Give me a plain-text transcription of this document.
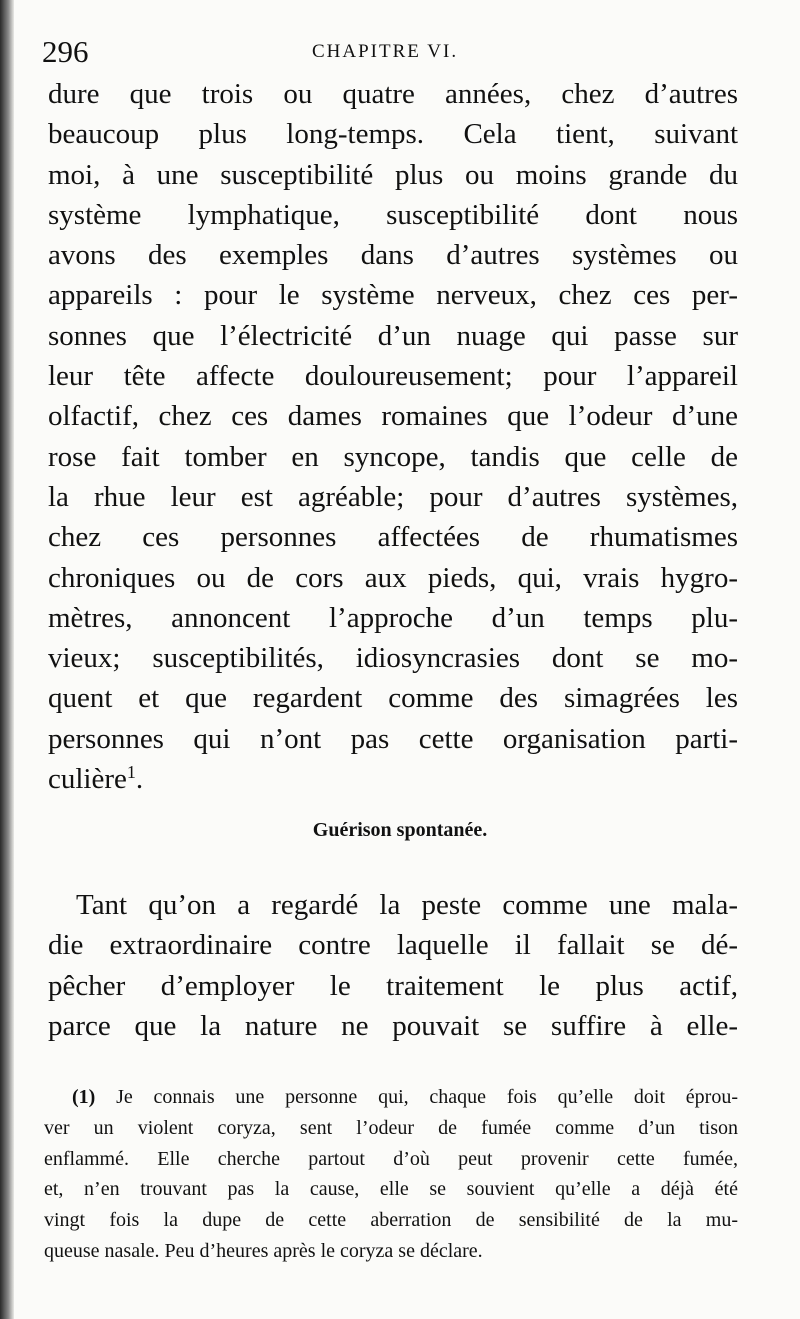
296	CHAPITRE VI.
dure que trois ou quatre années, chez d’autres
beaucoup plus long-temps. Cela tient, suivant
moi, à une susceptibilité plus ou moins grande du
système lymphatique, susceptibilité dont nous
avons des exemples dans d’autres systèmes ou
appareils : pour le système nerveux, chez ces per-
sonnes que l’électricité d’un nuage qui passe sur
leur tête affecte douloureusement; pour l’appareil
olfactif, chez ces dames romaines que l’odeur d’une
rose fait tomber en syncope, tandis que celle de
la rhue leur est agréable; pour d’autres systèmes,
chez ces personnes affectées de rhumatismes
chroniques ou de cors aux pieds, qui, vrais hygro-
mètres, annoncent l’approche d’un temps plu-
vieux; susceptibilités, idiosyncrasies dont se mo-
quent et que regardent comme des simagrées les
personnes qui n’ont pas cette organisation parti-
culière$^1$.
Guérison spontanée.
Tant qu’on a regardé la peste comme une mala-
die extraordinaire contre laquelle il fallait se dé-
pêcher d’employer le traitement le plus actif,
parce que la nature ne pouvait se suffire à elle-
(1) Je connais une personne qui, chaque fois qu’elle doit éprou-
ver un violent coryza, sent l’odeur de fumée comme d’un tison
enflammé. Elle cherche partout d’où peut provenir cette fumée,
et, n’en trouvant pas la cause, elle se souvient qu’elle a déjà été
vingt fois la dupe de cette aberration de sensibilité de la mu-
queuse nasale. Peu d’heures après le coryza se déclare.
